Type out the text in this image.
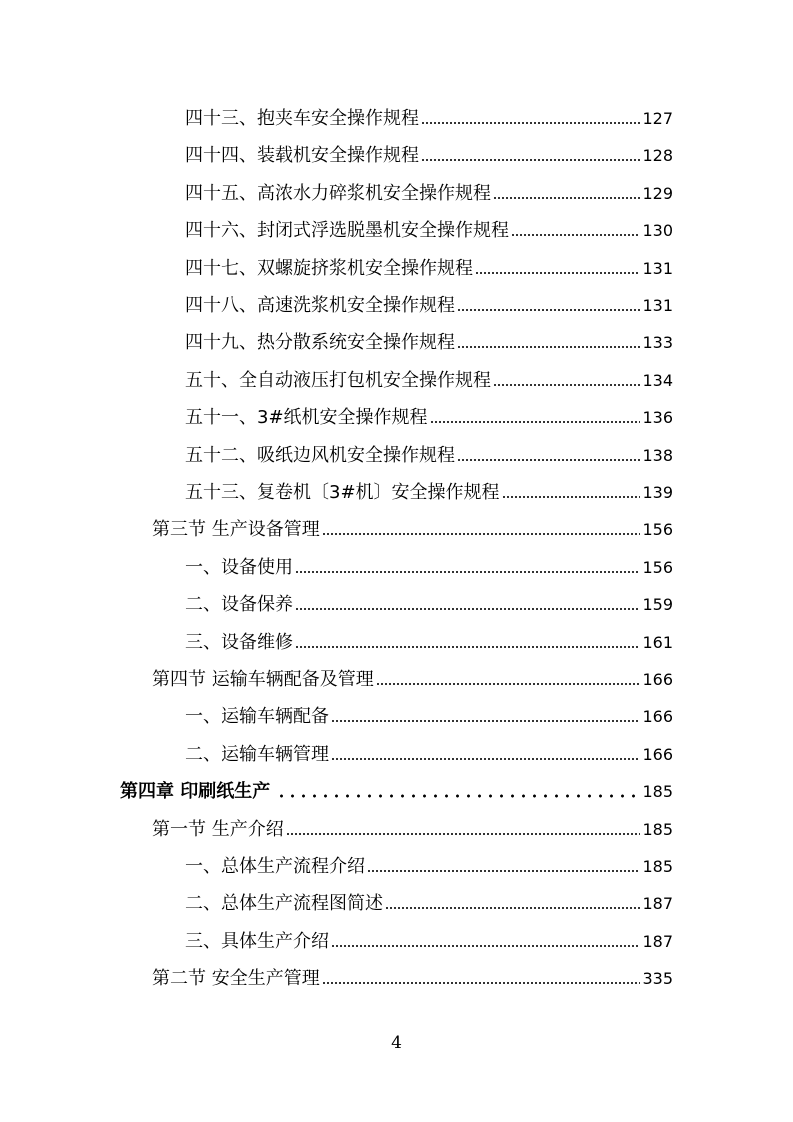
四十三、抱夹车安全操作规程	127
四十四、装载机安全操作规程	128
四十五、高浓水力碎浆机安全操作规程	129
四十六、封闭式浮选脱墨机安全操作规程	130
四十七、双螺旋挤浆机安全操作规程	131
四十八、高速洗浆机安全操作规程	131
四十九、热分散系统安全操作规程	133
五十、全自动液压打包机安全操作规程	134
五十一、3#纸机安全操作规程	136
五十二、吸纸边风机安全操作规程	138
五十三、复卷机〔3#机〕安全操作规程	139
第三节 生产设备管理	156
一、设备使用	156
二、设备保养	159
三、设备维修	161
第四节 运输车辆配备及管理	166
一、运输车辆配备	166
二、运输车辆管理	166
第四章 印刷纸生产	185
第一节 生产介绍	185
一、总体生产流程介绍	185
二、总体生产流程图简述	187
三、具体生产介绍	187
第二节 安全生产管理	335
4
